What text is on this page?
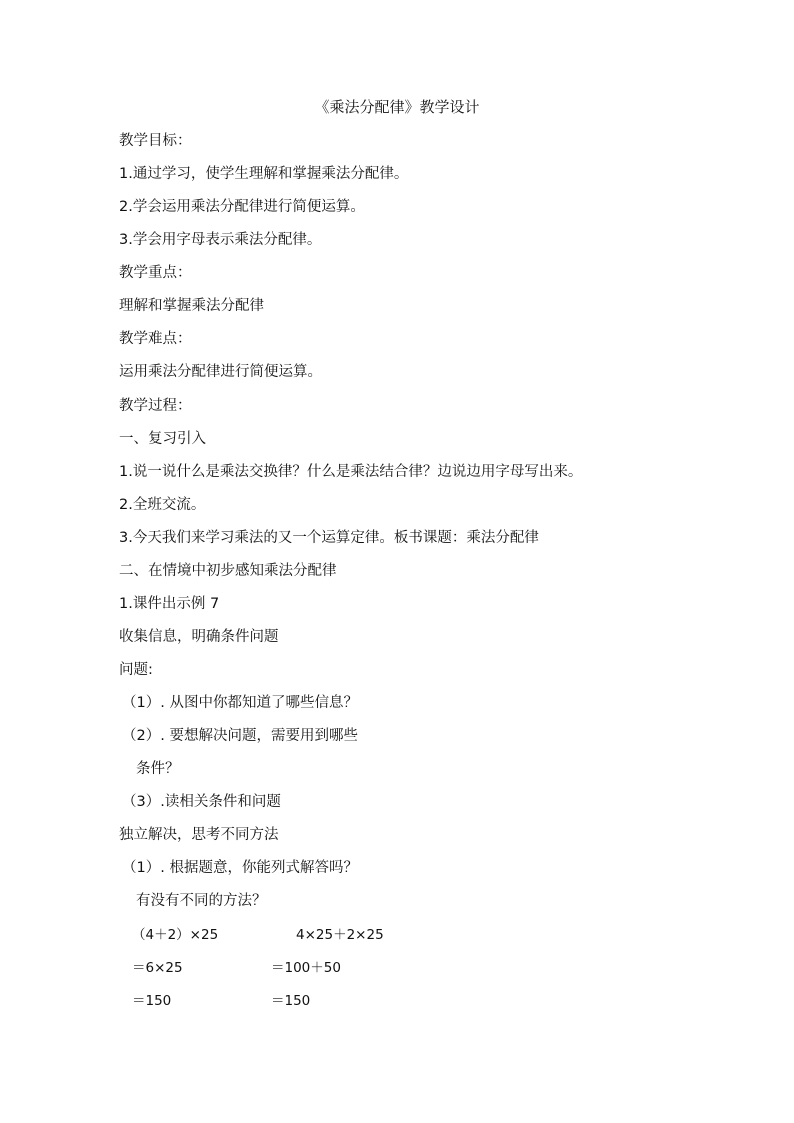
《乘法分配律》教学设计
教学目标：
1.通过学习，使学生理解和掌握乘法分配律。
2.学会运用乘法分配律进行简便运算。
3.学会用字母表示乘法分配律。
教学重点：
理解和掌握乘法分配律
教学难点：
运用乘法分配律进行简便运算。
教学过程：
一、复习引入
1.说一说什么是乘法交换律？什么是乘法结合律？边说边用字母写出来。
2.全班交流。
3.今天我们来学习乘法的又一个运算定律。板书课题：乘法分配律
二、在情境中初步感知乘法分配律
1.课件出示例 7
收集信息，明确条件问题
问题:
（1）. 从图中你都知道了哪些信息？
（2）. 要想解决问题，需要用到哪些
条件？
（3）.读相关条件和问题
独立解决，思考不同方法
（1）. 根据题意，你能列式解答吗？
有没有不同的方法？
（4＋2）×25
＝6×25
＝150
4×25＋2×25
＝100＋50
＝150
